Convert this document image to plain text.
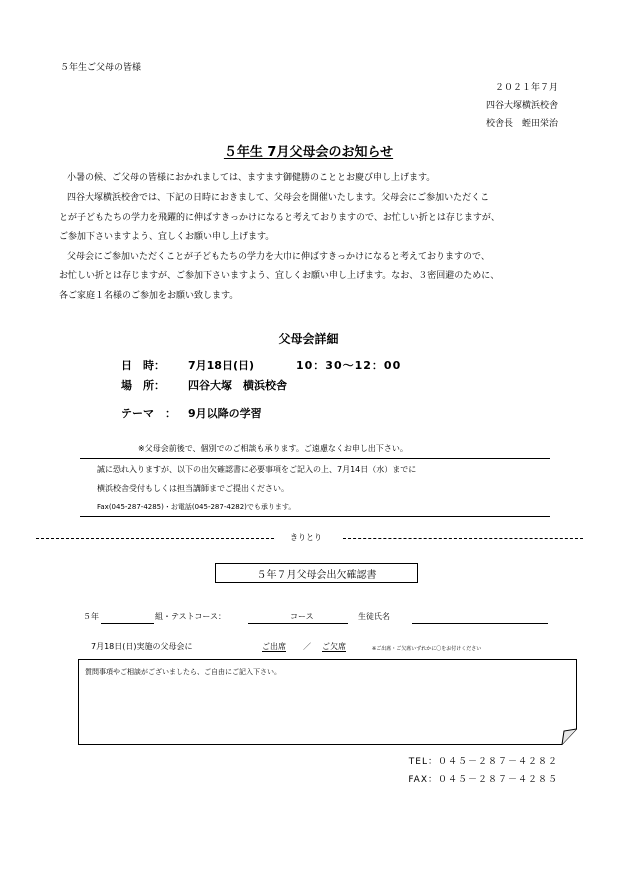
５年生ご父母の皆様
２０２１年７月
四谷大塚横浜校舎
校舎長　蛭田栄治
５年生 7月父母会のお知らせ
小暑の候、ご父母の皆様におかれましては、ますます御健勝のこととお慶び申し上げます。
四谷大塚横浜校舎では、下記の日時におきまして、父母会を開催いたします。父母会にご参加いただくこ
とが子どもたちの学力を飛躍的に伸ばすきっかけになると考えておりますので、お忙しい折とは存じますが、
ご参加下さいますよう、宜しくお願い申し上げます。
父母会にご参加いただくことが子どもたちの学力を大巾に伸ばすきっかけになると考えておりますので、
お忙しい折とは存じますが、ご参加下さいますよう、宜しくお願い申し上げます。なお、３密回避のために、
各ご家庭１名様のご参加をお願い致します。
父母会詳細
日　時： 7月18日(日)	10：30～12：00
場　所： 四谷大塚　横浜校舎
テーマ　： 9月以降の学習
※父母会前後で、個別でのご相談も承ります。ご遠慮なくお申し出下さい。
誠に恐れ入りますが、以下の出欠確認書に必要事項をご記入の上、7月14日（水）までに
横浜校舎受付もしくは担当講師までご提出ください。
Fax(045-287-4285)・お電話(045-287-4282)でも承ります。
きりとり
５年７月父母会出欠確認書
５年	組・テストコース：	コース	生徒氏名
7月18日(日)実施の父母会に	ご出席 ／ ご欠席	※ご出席・ご欠席いずれかに〇をお付けください
質問事項やご相談がございましたら、ご自由にご記入下さい。
TEL：０４５－２８７－４２８２
FAX：０４５－２８７－４２８５
